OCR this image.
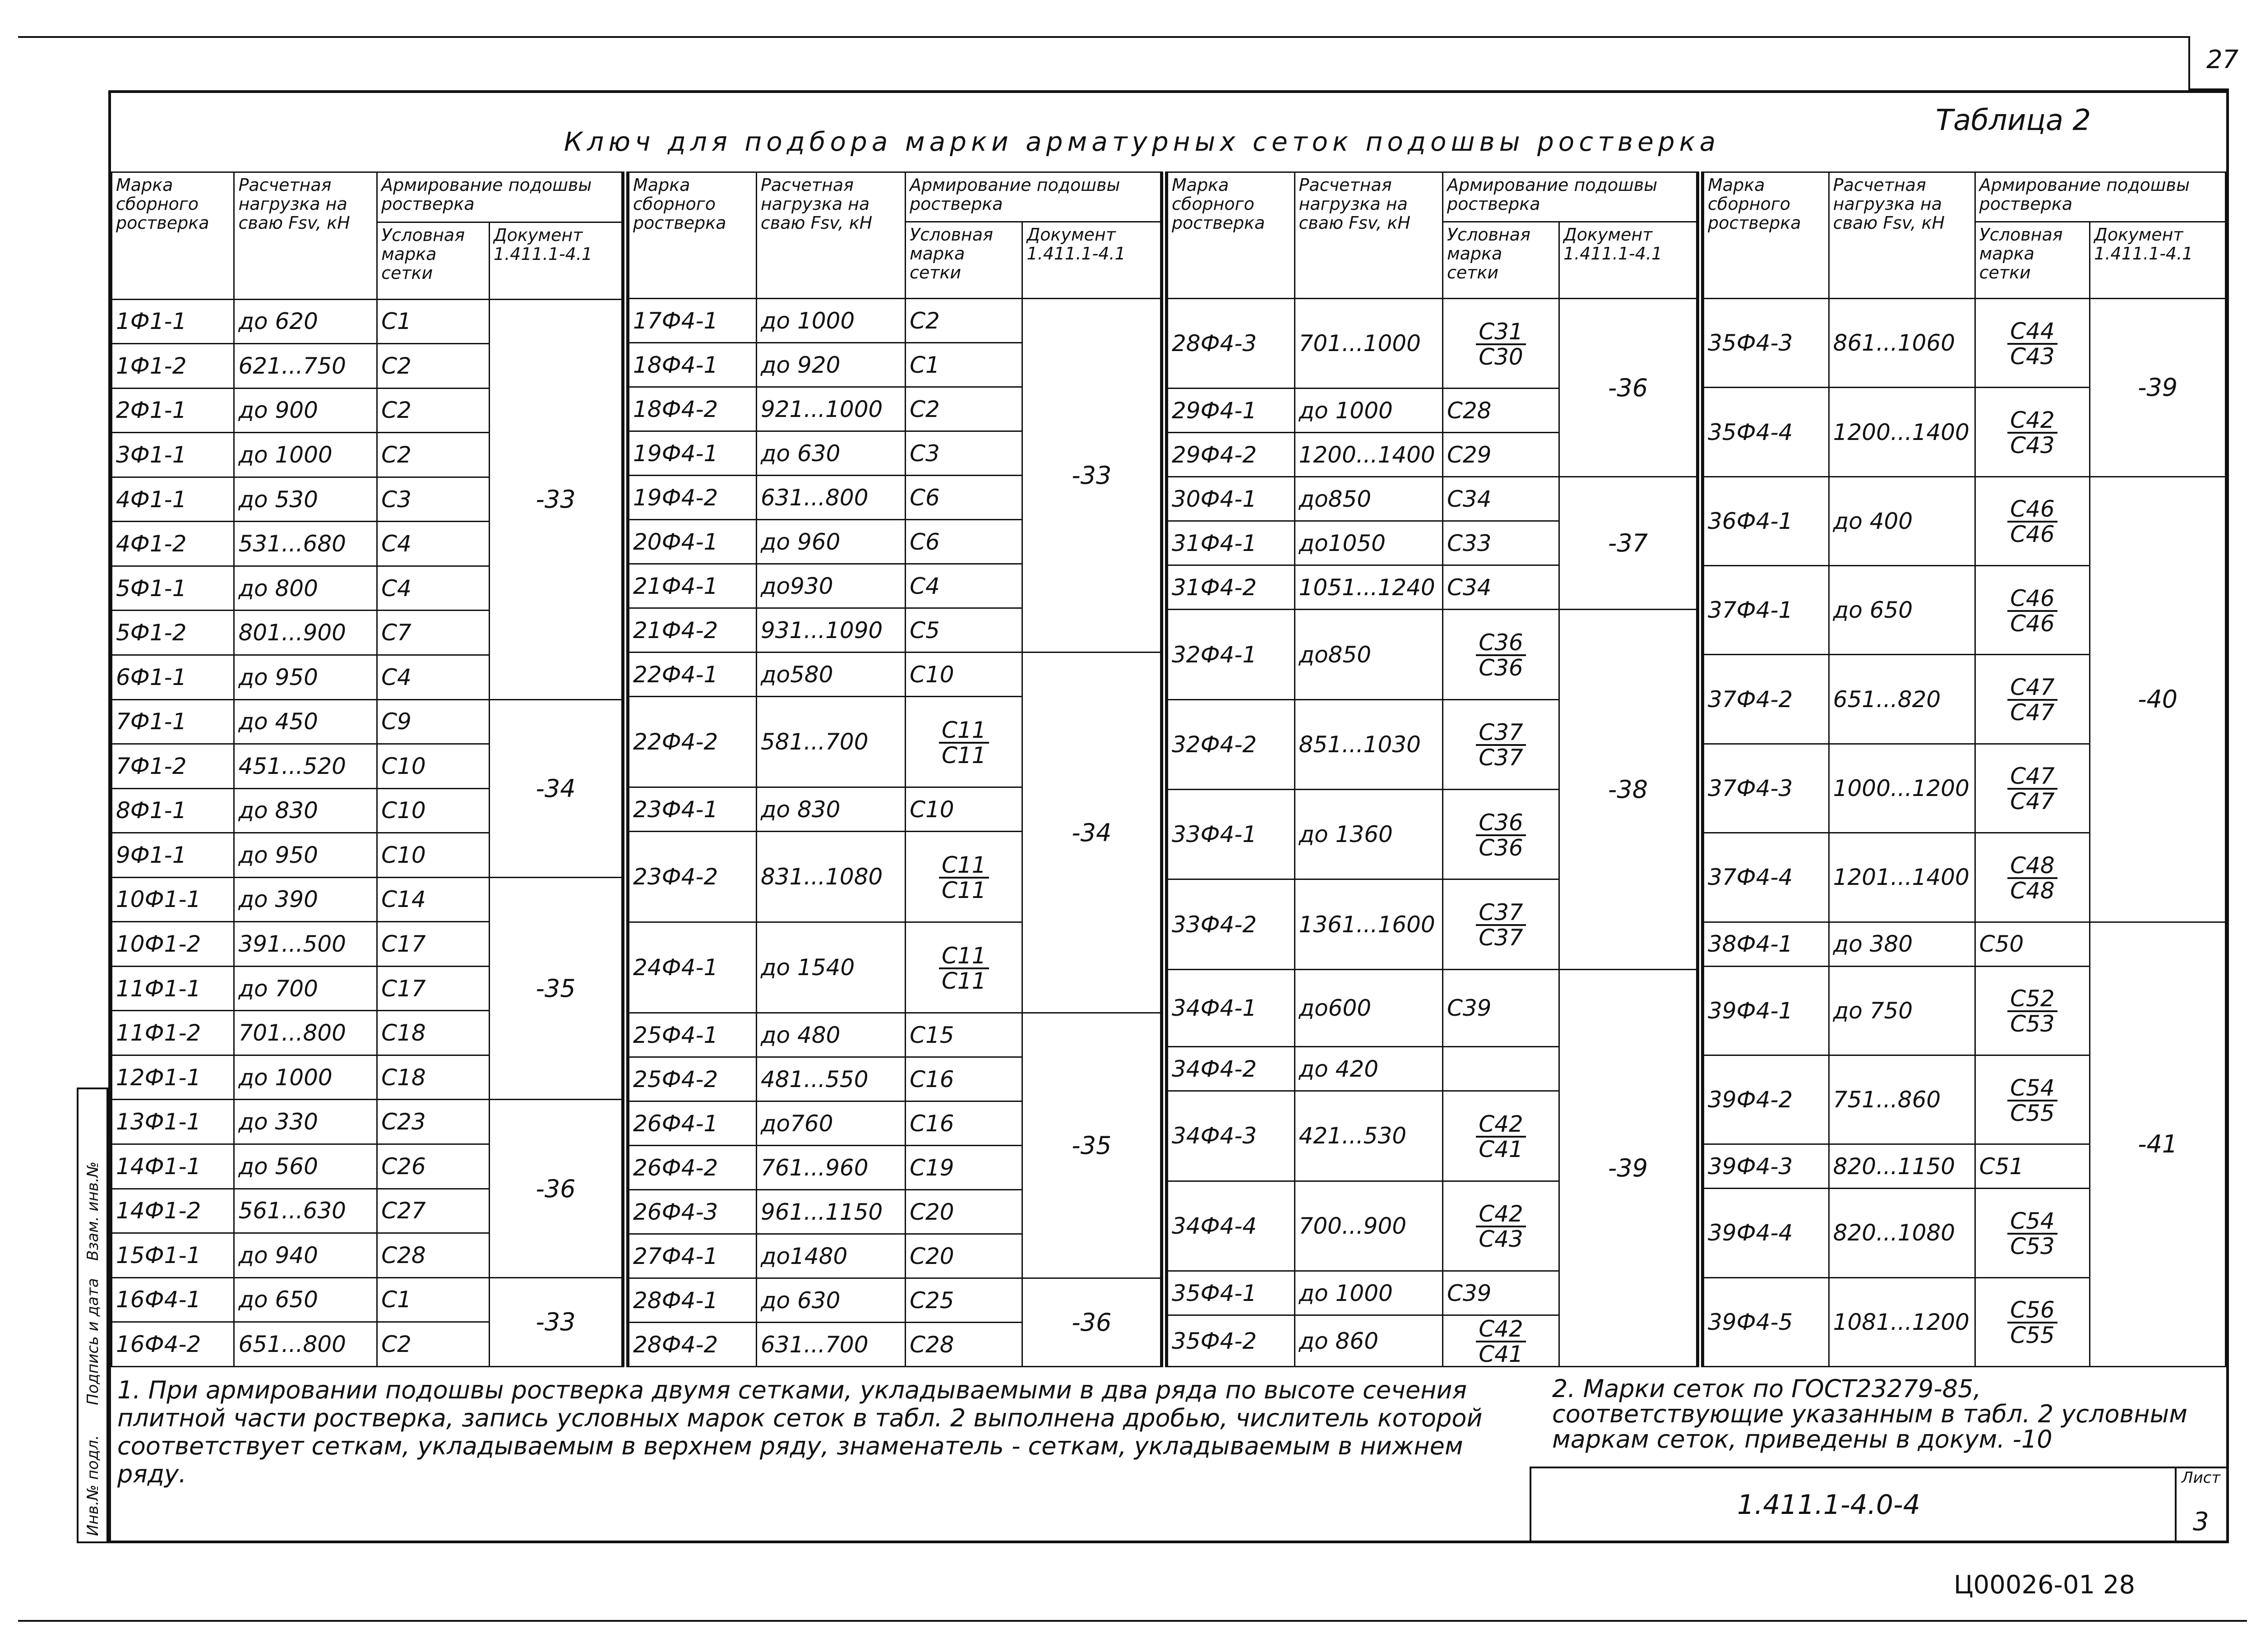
27
Таблица 2
Ключ для подбора марки арматурных сеток подошвы ростверка
Марка сборного ростверка	Расчетная нагрузка на сваю Fsv, кН	Армирование подошвы ростверка	
		Условная марка сетки	Документ 1.411.1-4.1
1Ф1-1	до 620	С1	-33
1Ф1-2	621...750	С2	
2Ф1-1	до 900	С2	
3Ф1-1	до 1000	С2	
4Ф1-1	до 530	С3	
4Ф1-2	531...680	С4	
5Ф1-1	до 800	С4	
5Ф1-2	801...900	С7	
6Ф1-1	до 950	С4	
7Ф1-1	до 450	С9	-34
7Ф1-2	451...520	С10	
8Ф1-1	до 830	С10	
9Ф1-1	до 950	С10	
10Ф1-1	до 390	С14	-35
10Ф1-2	391...500	С17	
11Ф1-1	до 700	С17	
11Ф1-2	701...800	С18	
12Ф1-1	до 1000	С18	
13Ф1-1	до 330	С23	-36
14Ф1-1	до 560	С26	
14Ф1-2	561...630	С27	
15Ф1-1	до 940	С28	
16Ф4-1	до 650	С1	-33
16Ф4-2	651...800	С2	
Марка сборного ростверка	Расчетная нагрузка на сваю Fsv, кН	Армирование подошвы ростверка	
		Условная марка сетки	Документ 1.411.1-4.1
17Ф4-1	до 1000	С2	-33
18Ф4-1	до 920	С1	
18Ф4-2	921...1000	С2	
19Ф4-1	до 630	С3	
19Ф4-2	631...800	С6	
20Ф4-1	до 960	С6	
21Ф4-1	до930	С4	
21Ф4-2	931...1090	С5	
22Ф4-1	до580	С10	-34
22Ф4-2	581...700	$\frac{С11}{С11}$

23Ф4-1	до 830	С10	
23Ф4-2	831...1080	$\frac{С11}{С11}$

24Ф4-1	до 1540	$\frac{С11}{С11}$

25Ф4-1	до 480	С15	-35
25Ф4-2	481...550	С16	
26Ф4-1	до760	С16	
26Ф4-2	761...960	С19	
26Ф4-3	961...1150	С20	
27Ф4-1	до1480	С20	
28Ф4-1	до 630	С25	-36
28Ф4-2	631...700	С28	
Марка сборного ростверка	Расчетная нагрузка на сваю Fsv, кН	Армирование подошвы ростверка	
		Условная марка сетки	Документ 1.411.1-4.1
28Ф4-3	701...1000	$\frac{С31}{С30}$	-36

29Ф4-1	до 1000	С28	
29Ф4-2	1200...1400	С29	
30Ф4-1	до850	С34	-37
31Ф4-1	до1050	С33	
31Ф4-2	1051...1240	С34	
32Ф4-1	до850	$\frac{С36}{С36}$	-38

32Ф4-2	851...1030	$\frac{С37}{С37}$

33Ф4-1	до 1360	$\frac{С36}{С36}$

33Ф4-2	1361...1600	$\frac{С37}{С37}$

34Ф4-1	до600	С39	-39

34Ф4-2	до 420		
34Ф4-3	421...530	$\frac{С42}{С41}$

34Ф4-4	700...900	$\frac{С42}{С43}$

35Ф4-1	до 1000	С39	
35Ф4-2	до 860	$\frac{С42}{С41}$
Марка сборного ростверка	Расчетная нагрузка на сваю Fsv, кН	Армирование подошвы ростверка	
		Условная марка сетки	Документ 1.411.1-4.1
35Ф4-3	861...1060	$\frac{С44}{С43}$	-39

35Ф4-4	1200...1400	$\frac{С42}{С43}$

36Ф4-1	до 400	$\frac{С46}{С46}$	-40

37Ф4-1	до 650	$\frac{С46}{С46}$

37Ф4-2	651...820	$\frac{С47}{С47}$

37Ф4-3	1000...1200	$\frac{С47}{С47}$

37Ф4-4	1201...1400	$\frac{С48}{С48}$

38Ф4-1	до 380	С50	-41
39Ф4-1	до 750	$\frac{С52}{С53}$

39Ф4-2	751...860	$\frac{С54}{С55}$

39Ф4-3	820...1150	С51	
39Ф4-4	820...1080	$\frac{С54}{С53}$

39Ф4-5	1081...1200	$\frac{С56}{С55}$

Инв.№ подл.
Подпись и дата
Взам. инв.№
1. При армировании подошвы ростверка двумя сетками, укладываемыми в два ряда по высоте сечения плитной части ростверка, запись условных марок сеток в табл. 2 выполнена дробью, числитель которой соответствует сеткам, укладываемым в верхнем ряду, знаменатель - сеткам, укладываемым в нижнем ряду.
2. Марки сеток по ГОСТ23279-85, соответствующие указанным в табл. 2 условным маркам сеток, приведены в докум. -10
1.411.1-4.0-4
Лист
3
Ц00026-01 28
